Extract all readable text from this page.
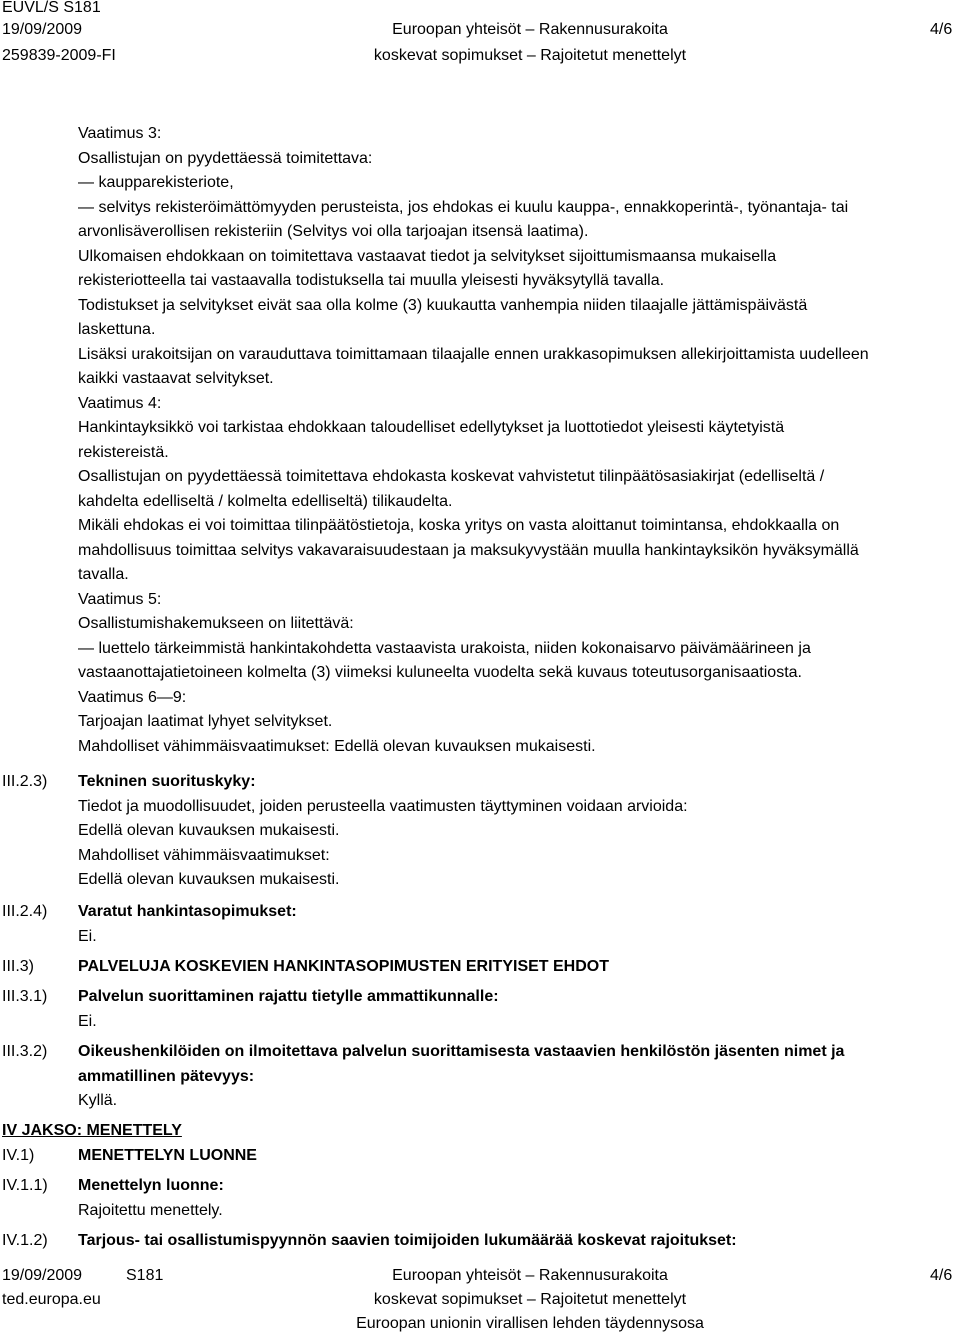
EUVL/S S181
19/09/2009
259839-2009-FI
Euroopan yhteisöt – Rakennusurakoita
koskevat sopimukset – Rajoitetut menettelyt
4/6
Vaatimus 3:
Osallistujan on pyydettäessä toimitettava:
— kaupparekisteriote,
— selvitys rekisteröimättömyyden perusteista, jos ehdokas ei kuulu kauppa-, ennakkoperintä-, työnantaja- tai
arvonlisäverollisen rekisteriin (Selvitys voi olla tarjoajan itsensä laatima).
Ulkomaisen ehdokkaan on toimitettava vastaavat tiedot ja selvitykset sijoittumismaansa mukaisella
rekisteriotteella tai vastaavalla todistuksella tai muulla yleisesti hyväksytyllä tavalla.
Todistukset ja selvitykset eivät saa olla kolme (3) kuukautta vanhempia niiden tilaajalle jättämispäivästä
laskettuna.
Lisäksi urakoitsijan on varauduttava toimittamaan tilaajalle ennen urakkasopimuksen allekirjoittamista uudelleen
kaikki vastaavat selvitykset.
Vaatimus 4:
Hankintayksikkö voi tarkistaa ehdokkaan taloudelliset edellytykset ja luottotiedot yleisesti käytetyistä
rekistereistä.
Osallistujan on pyydettäessä toimitettava ehdokasta koskevat vahvistetut tilinpäätösasiakirjat (edelliseltä /
kahdelta edelliseltä / kolmelta edelliseltä) tilikaudelta.
Mikäli ehdokas ei voi toimittaa tilinpäätöstietoja, koska yritys on vasta aloittanut toimintansa, ehdokkaalla on
mahdollisuus toimittaa selvitys vakavaraisuudestaan ja maksukyvystään muulla hankintayksikön hyväksymällä
tavalla.
Vaatimus 5:
Osallistumishakemukseen on liitettävä:
— luettelo tärkeimmistä hankintakohdetta vastaavista urakoista, niiden kokonaisarvo päivämäärineen ja
vastaanottajatietoineen kolmelta (3) viimeksi kuluneelta vuodelta sekä kuvaus toteutusorganisaatiosta.
Vaatimus 6—9:
Tarjoajan laatimat lyhyet selvitykset.
Mahdolliset vähimmäisvaatimukset: Edellä olevan kuvauksen mukaisesti.
III.2.3) Tekninen suorituskyky:
Tiedot ja muodollisuudet, joiden perusteella vaatimusten täyttyminen voidaan arvioida:
Edellä olevan kuvauksen mukaisesti.
Mahdolliset vähimmäisvaatimukset:
Edellä olevan kuvauksen mukaisesti.
III.2.4) Varatut hankintasopimukset:
Ei.
III.3)	PALVELUJA KOSKEVIEN HANKINTASOPIMUSTEN ERITYISET EHDOT
III.3.1) Palvelun suorittaminen rajattu tietylle ammattikunnalle:
Ei.
III.3.2) Oikeushenkilöiden on ilmoitettava palvelun suorittamisesta vastaavien henkilöstön jäsenten nimet ja
ammatillinen pätevyys:
Kyllä.
IV JAKSO: MENETTELY
IV.1)	MENETTELYN LUONNE
IV.1.1) Menettelyn luonne:
Rajoitettu menettely.
IV.1.2) Tarjous- tai osallistumispyynnön saavien toimijoiden lukumäärää koskevat rajoitukset:
19/09/2009	S181
ted.europa.eu
Euroopan yhteisöt – Rakennusurakoita
koskevat sopimukset – Rajoitetut menettelyt
Euroopan unionin virallisen lehden täydennysosa
4/6
